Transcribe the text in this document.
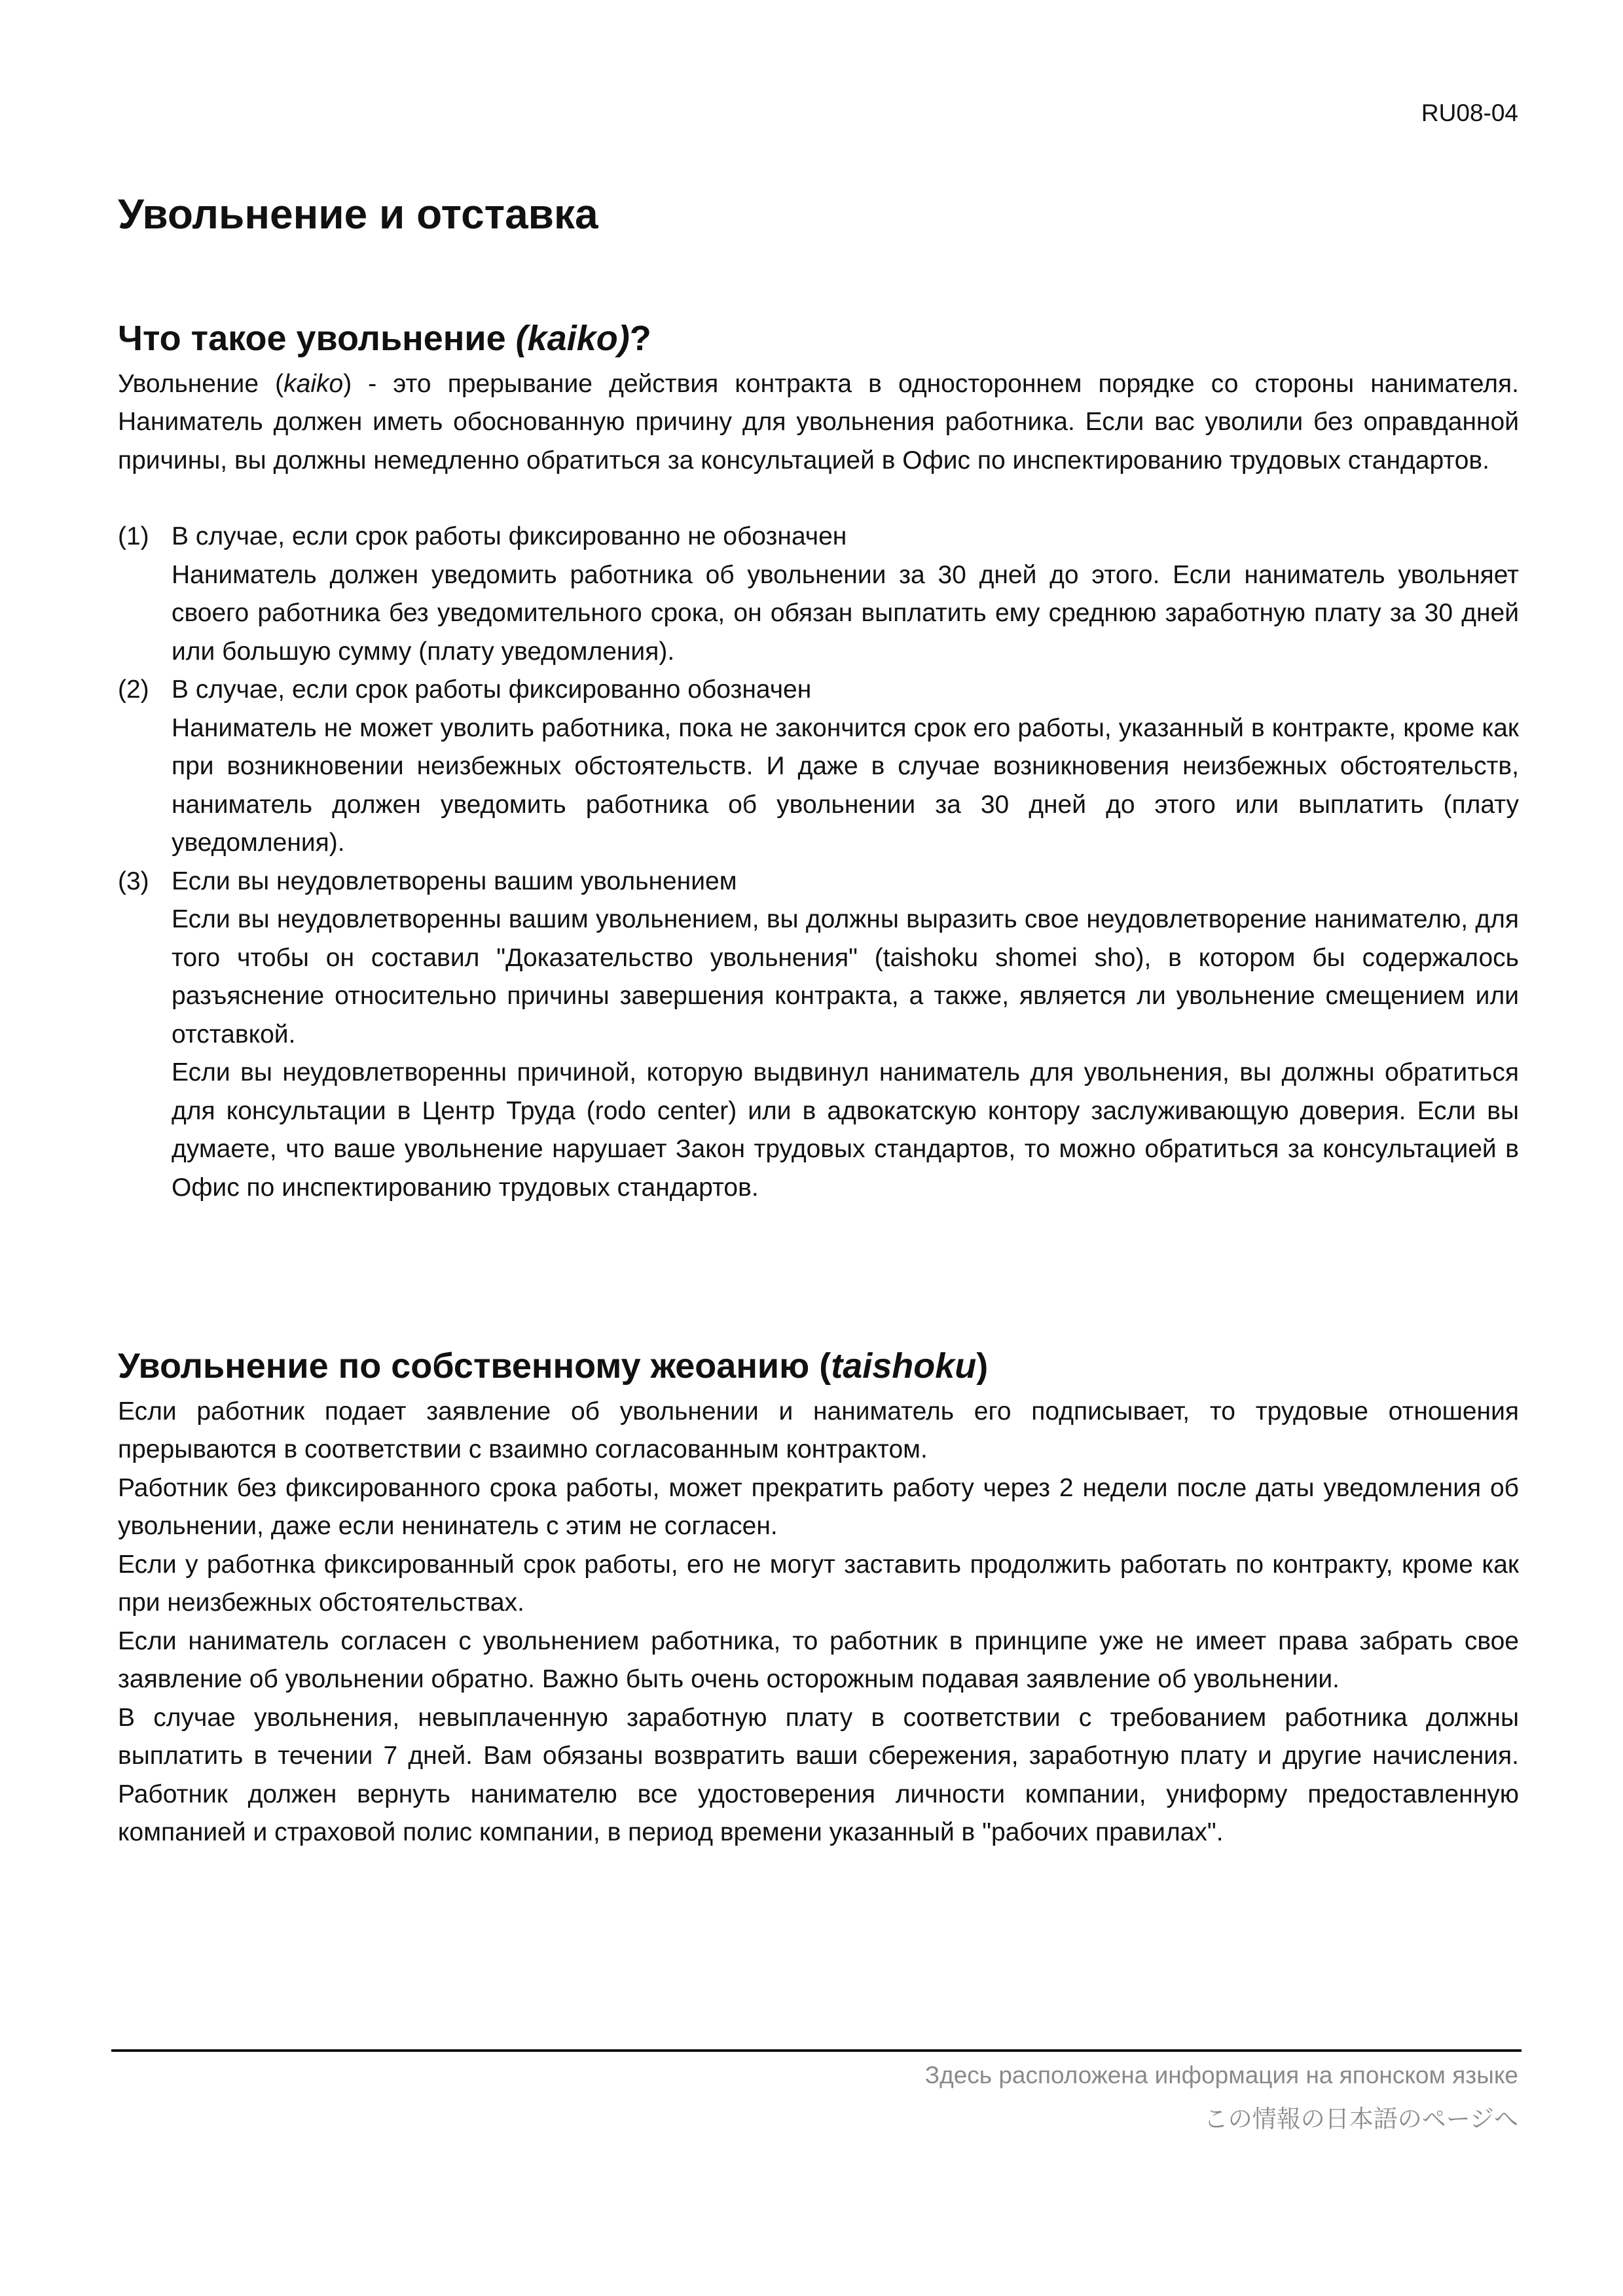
RU08-04
Увольнение и отставка
Что такое увольнение (kaiko)?

Увольнение (kaiko) - это прерывание действия контракта в одностороннем порядке со стороны нанимателя. Наниматель должен иметь обоснованную причину для увольнения работника. Если вас уволили без оправданной причины, вы должны немедленно обратиться за консультацией в Офис по инспектированию трудовых стандартов.

(1) В случае, если срок работы фиксированно не обозначен

Наниматель должен уведомить работника об увольнении за 30 дней до этого. Если наниматель увольняет своего работника без уведомительного срока, он обязан выплатить ему среднюю заработную плату за 30 дней или большую сумму (плату уведомления).

(2) В случае, если срок работы фиксированно обозначен

Наниматель не может уволить работника, пока не закончится срок его работы, указанный в контракте, кроме как при возникновении неизбежных обстоятельств. И даже в случае возникновения неизбежных обстоятельств, наниматель должен уведомить работника об увольнении за 30 дней до этого или выплатить (плату уведомления).

(3) Если вы неудовлетворены вашим увольнением

Если вы неудовлетворенны вашим увольнением, вы должны выразить свое неудовлетворение нанимателю, для того чтобы он составил "Доказательство увольнения" (taishoku shomei sho), в котором бы содержалось разъяснение относительно причины завершения контракта, а также, является ли увольнение смещением или отставкой.

Если вы неудовлетворенны причиной, которую выдвинул наниматель для увольнения, вы должны обратиться для консультации в Центр Труда (rodo center) или в адвокатскую контору заслуживающую доверия. Если вы думаете, что ваше увольнение нарушает Закон трудовых стандартов, то можно обратиться за консультацией в Офис по инспектированию трудовых стандартов.

Увольнение по собственному жеоанию (taishoku)

Если работник подает заявление об увольнении и наниматель его подписывает, то трудовые отношения прерываются в соответствии с взаимно согласованным контрактом.

Работник без фиксированного срока работы, может прекратить работу через 2 недели после даты уведомления об увольнении, даже если ненинатель с этим не согласен.

Если у работнка фиксированный срок работы, его не могут заставить продолжить работать по контракту, кроме как при неизбежных обстоятельствах.

Если наниматель согласен с увольнением работника, то работник в принципе уже не имеет права забрать свое заявление об увольнении обратно. Важно быть очень осторожным подавая заявление об увольнении.

В случае увольнения, невыплаченную заработную плату в соответствии с требованием работника должны выплатить в течении 7 дней. Вам обязаны возвратить ваши сбережения, заработную плату и другие начисления. Работник должен вернуть нанимателю все удостоверения личности компании, униформу предоставленную компанией и страховой полис компании, в период времени указанный в "рабочих правилах".

Здесь расположена информация на японском языке
この情報の日本語のページへ
